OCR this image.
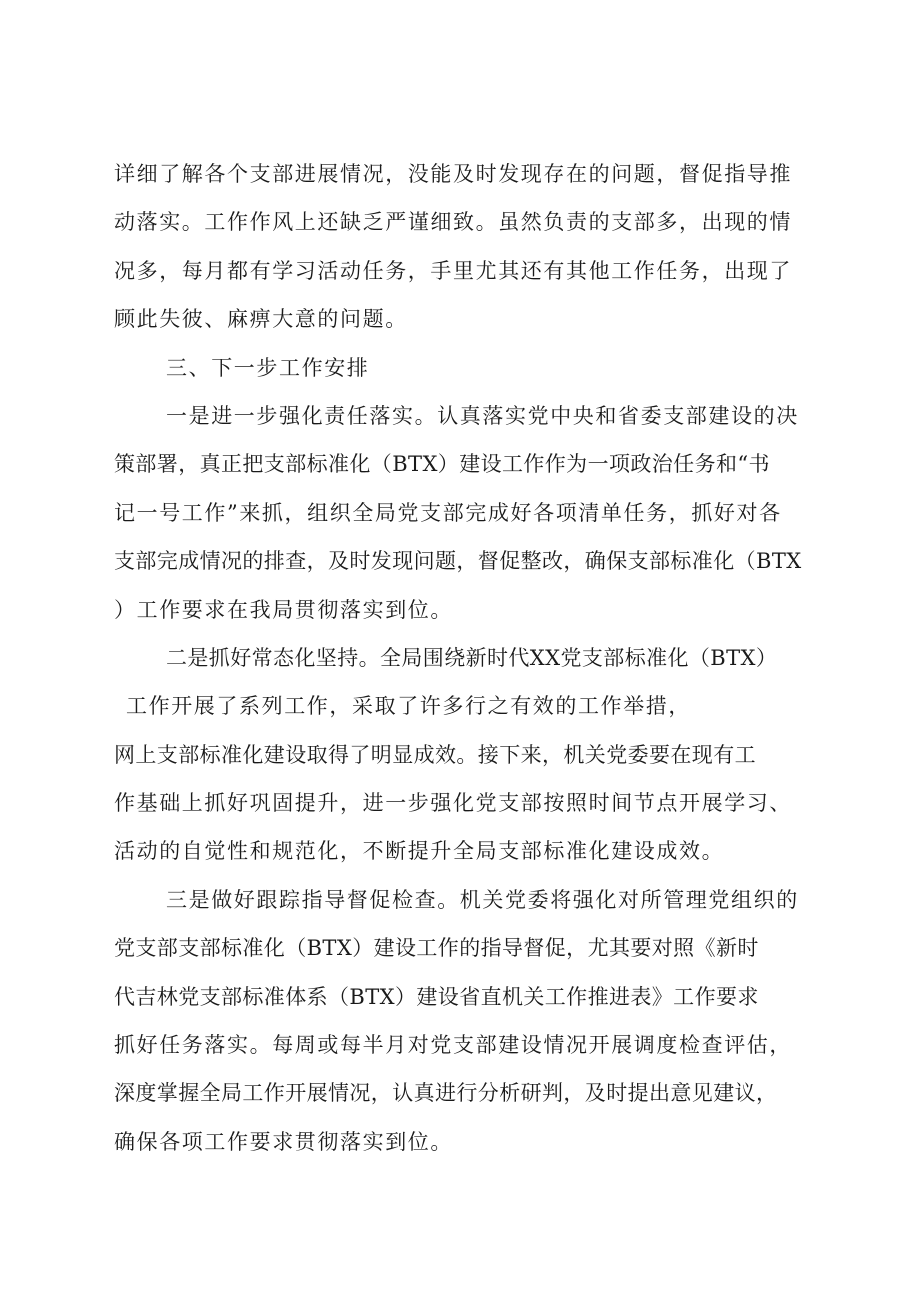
详细了解各个支部进展情况，没能及时发现存在的问题，督促指导推

动落实。工作作风上还缺乏严谨细致。虽然负责的支部多，出现的情

况多，每月都有学习活动任务，手里尤其还有其他工作任务，出现了

顾此失彼、麻痹大意的问题。

三、下一步工作安排

一是进一步强化责任落实。认真落实党中央和省委支部建设的决

策部署，真正把支部标准化（BTX）建设工作作为一项政治任务和“书

记一号工作”来抓，组织全局党支部完成好各项清单任务，抓好对各

支部完成情况的排查，及时发现问题，督促整改，确保支部标准化（BTX

）工作要求在我局贯彻落实到位。

二是抓好常态化坚持。全局围绕新时代XX党支部标准化（BTX）

工作开展了系列工作，采取了许多行之有效的工作举措，

网上支部标准化建设取得了明显成效。接下来，机关党委要在现有工

作基础上抓好巩固提升，进一步强化党支部按照时间节点开展学习、

活动的自觉性和规范化，不断提升全局支部标准化建设成效。

三是做好跟踪指导督促检查。机关党委将强化对所管理党组织的

党支部支部标准化（BTX）建设工作的指导督促，尤其要对照《新时

代吉林党支部标准体系（BTX）建设省直机关工作推进表》工作要求

抓好任务落实。每周或每半月对党支部建设情况开展调度检查评估，

深度掌握全局工作开展情况，认真进行分析研判，及时提出意见建议，

确保各项工作要求贯彻落实到位。
